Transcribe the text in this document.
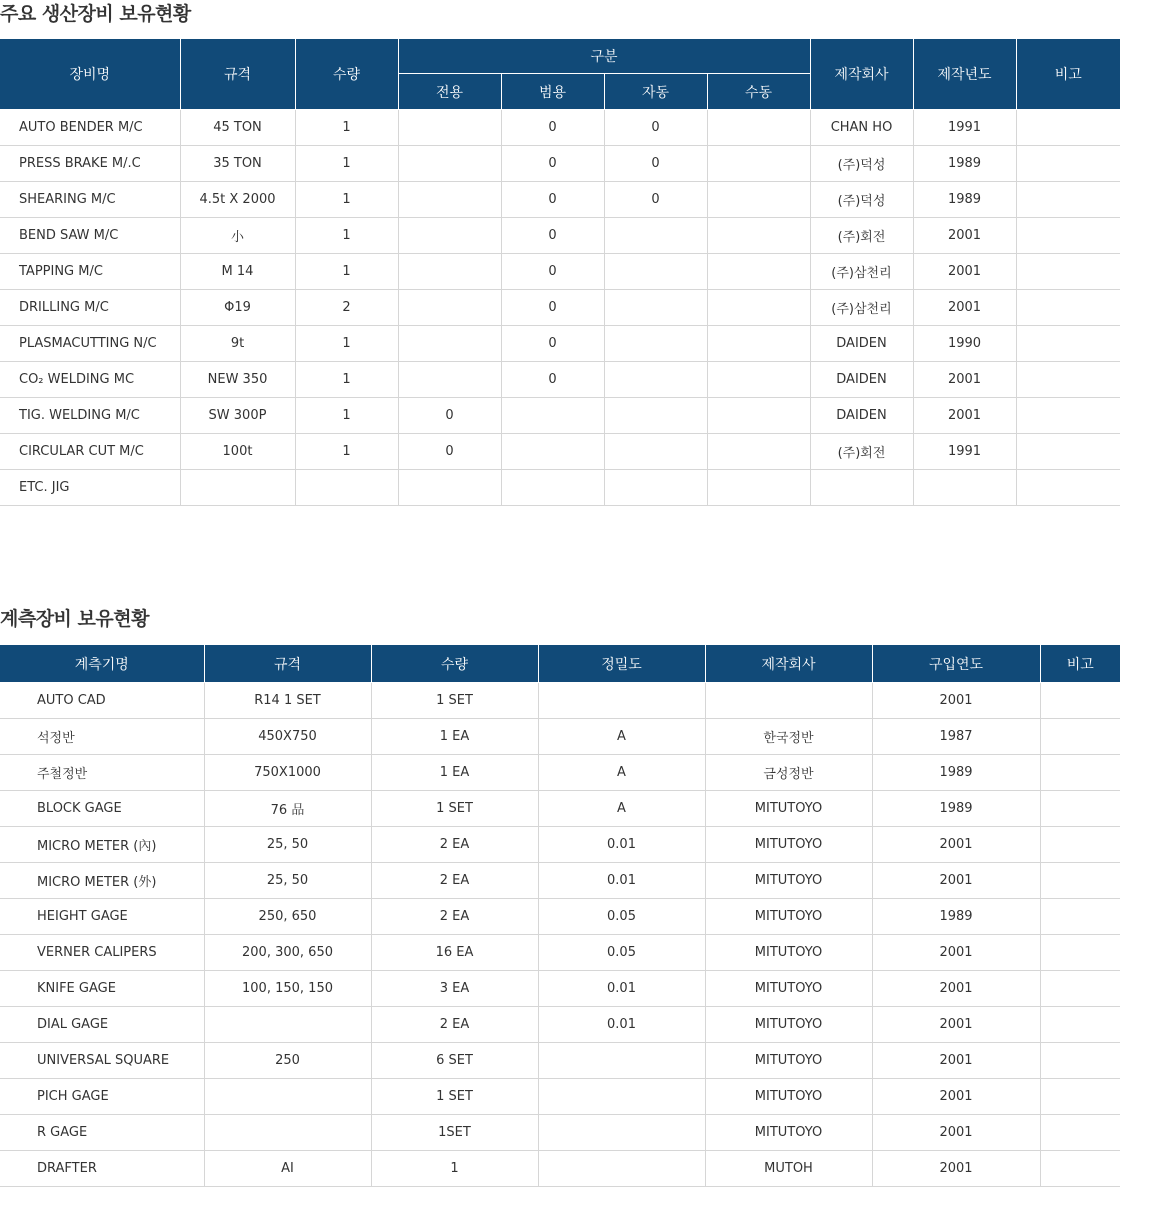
주요 생산장비 보유현황
장비명	규격	수량	구분				제작회사	제작년도	비고
			전용	범용	자동	수동			
AUTO BENDER M/C	45 TON	1		0	0		CHAN HO	1991	
PRESS BRAKE M/.C	35 TON	1		0	0		(주)덕성	1989	
SHEARING M/C	4.5t X 2000	1		0	0		(주)덕성	1989	
BEND SAW M/C	小	1		0			(주)회전	2001	
TAPPING M/C	M 14	1		0			(주)삼천리	2001	
DRILLING M/C	Φ19	2		0			(주)삼천리	2001	
PLASMACUTTING N/C	9t	1		0			DAIDEN	1990	
CO₂ WELDING MC	NEW 350	1		0			DAIDEN	2001	
TIG. WELDING M/C	SW 300P	1	0				DAIDEN	2001	
CIRCULAR CUT M/C	100t	1	0				(주)회전	1991	
ETC. JIG									
계측장비 보유현황
계측기명	규격	수량	정밀도	제작회사	구입연도	비고
AUTO CAD	R14 1 SET	1 SET			2001	
석정반	450X750	1 EA	A	한국정반	1987	
주철정반	750X1000	1 EA	A	금성정반	1989	
BLOCK GAGE	76 品	1 SET	A	MITUTOYO	1989	
MICRO METER (內)	25, 50	2 EA	0.01	MITUTOYO	2001	
MICRO METER (外)	25, 50	2 EA	0.01	MITUTOYO	2001	
HEIGHT GAGE	250, 650	2 EA	0.05	MITUTOYO	1989	
VERNER CALIPERS	200, 300, 650	16 EA	0.05	MITUTOYO	2001	
KNIFE GAGE	100, 150, 150	3 EA	0.01	MITUTOYO	2001	
DIAL GAGE		2 EA	0.01	MITUTOYO	2001	
UNIVERSAL SQUARE	250	6 SET		MITUTOYO	2001	
PICH GAGE		1 SET		MITUTOYO	2001	
R GAGE		1SET		MITUTOYO	2001	
DRAFTER	AI	1		MUTOH	2001	
